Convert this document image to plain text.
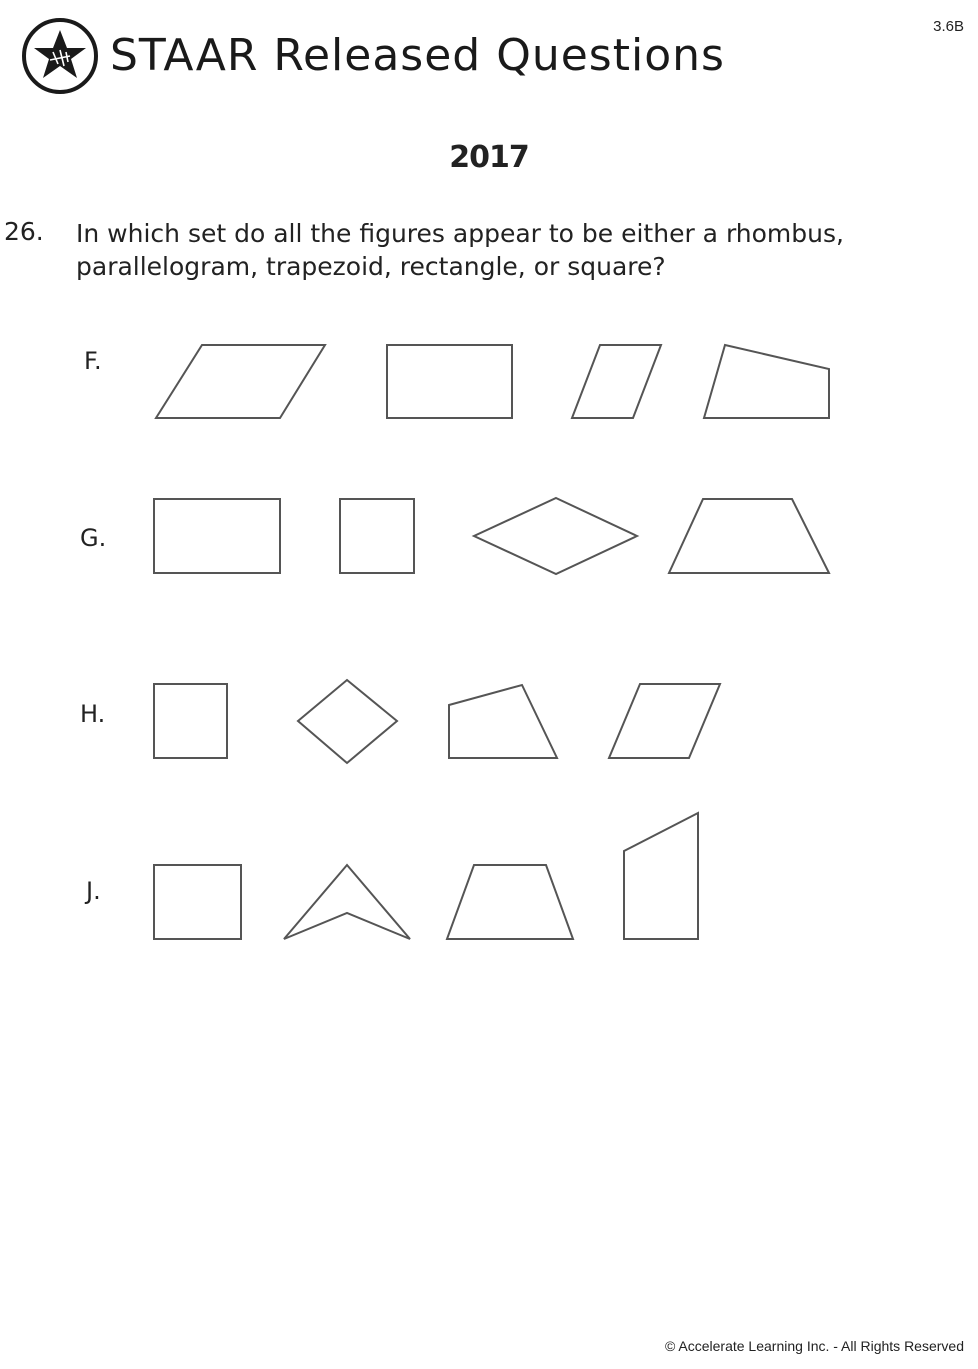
STAAR Released Questions
3.6B
2017
26. In which set do all the figures appear to be either a rhombus, parallelogram, trapezoid, rectangle, or square?
F.
G.
H.
J.
© Accelerate Learning Inc. - All Rights Reserved
